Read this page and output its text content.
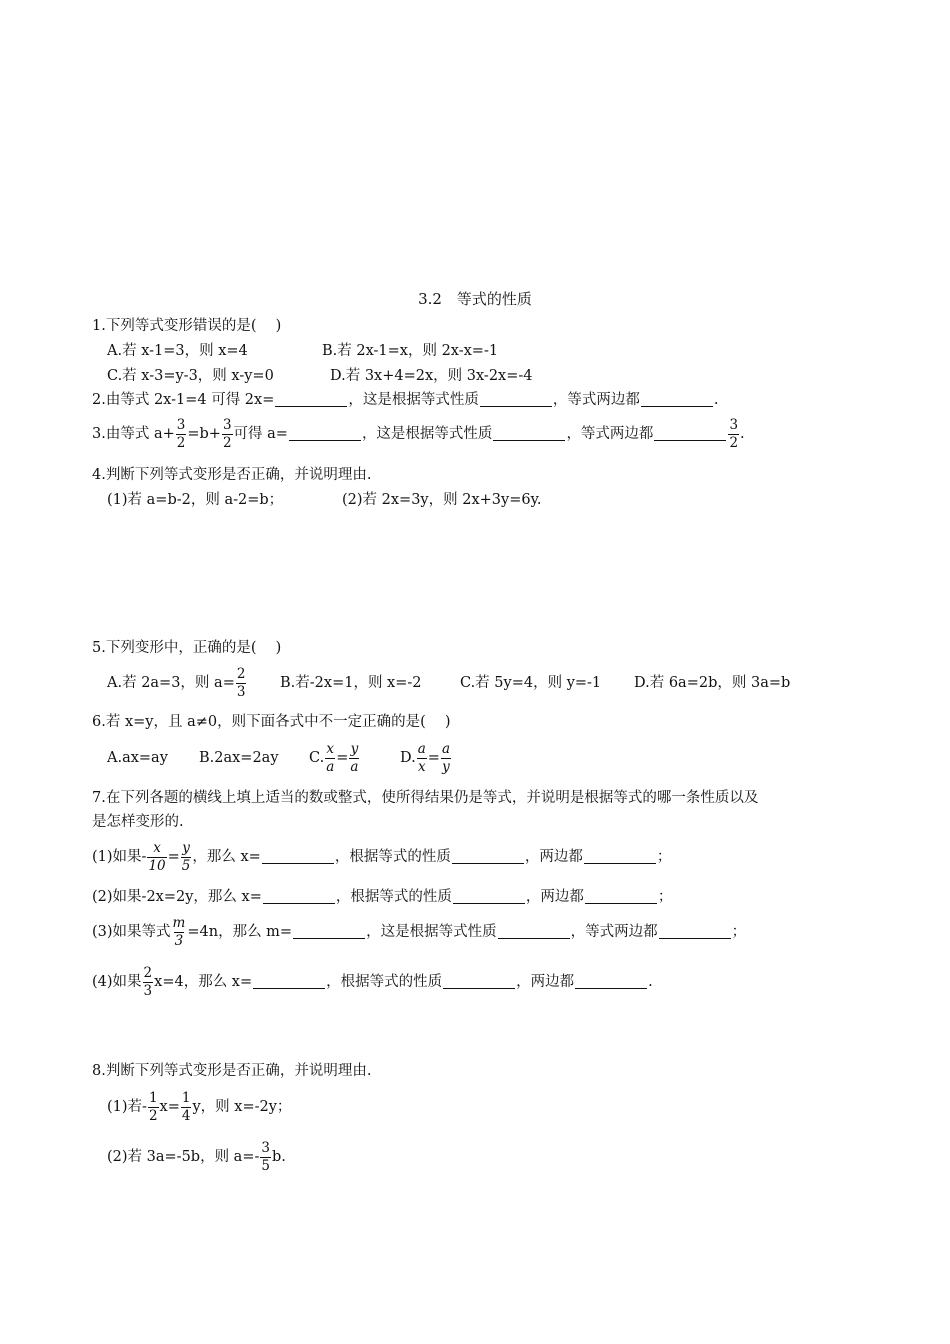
3.2　等式的性质
1.下列等式变形错误的是(　 )
A.若 x-1=3，则 x=4	B.若 2x-1=x，则 2x-x=-1
C.若 x-3=y-3，则 x-y=0	D.若 3x+4=2x，则 3x-2x=-4
2.由等式 2x-1=4 可得 2x=	，这是根据等式性质	，等式两边都	.
3.由等式 $a+ \frac{3}{2} =b+ \frac{3}{2}$ 可得 a=	，这是根据等式性质	，等式两边都	$\frac{3}{2}$ .
4.判断下列等式变形是否正确，并说明理由.
(1)若 a=b-2，则 a-2=b；	(2)若 2x=3y，则 2x+3y=6y.
5.下列变形中，正确的是(　 )
A.若 2a=3，则 $a= \frac{2}{3} B$.若-2x=1，则 x=-2	C.若 5y=4，则 y=-1 D.若 6a=2b，则 3a=b
6.若 x=y，且 a≠0，则下面各式中不一定正确的是(　 )
A.ax=ay B.2ax=2ay C. $\frac{x}{a} = \frac{y}{a}$	D. $\frac{a}{x} = \frac{a}{y}$
7.在下列各题的横线上填上适当的数或整式，使所得结果仍是等式，并说明是根据等式的哪一条性质以及
是怎样变形的.
(1)如果- $\frac{x}{10} = \frac{y}{5}$ ，那么 x=	，根据等式的性质	，两边都	；
(2)如果-2x=2y，那么 x=	，根据等式的性质	，两边都	；
(3)如果等式 $\frac{m}{3} =4n$，那么 m=	，这是根据等式性质	，等式两边都	；
(4)如果 $\frac{2}{3} x=4$，那么 x=	，根据等式的性质	，两边都	.
8.判断下列等式变形是否正确，并说明理由.
(1)若- $\frac{1}{2} x= \frac{1}{4}$ y，则 x=-2y；
(2)若 3a=-5b，则 $a=- \frac{3}{5} b$.
